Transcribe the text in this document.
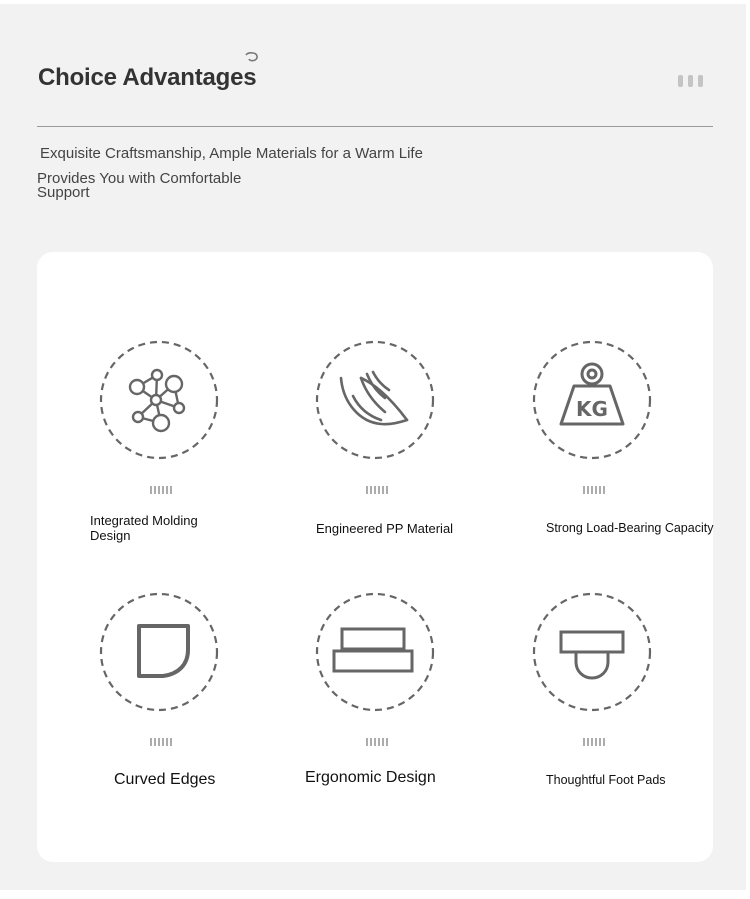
Choice Advantages
Exquisite Craftsmanship, Ample Materials for a Warm Life
Provides You with Comfortable Support
Integrated Molding Design	Engineered PP Material
KG
Strong Load-Bearing Capacity
Curved Edges	Ergonomic Design	Thoughtful Foot Pads
